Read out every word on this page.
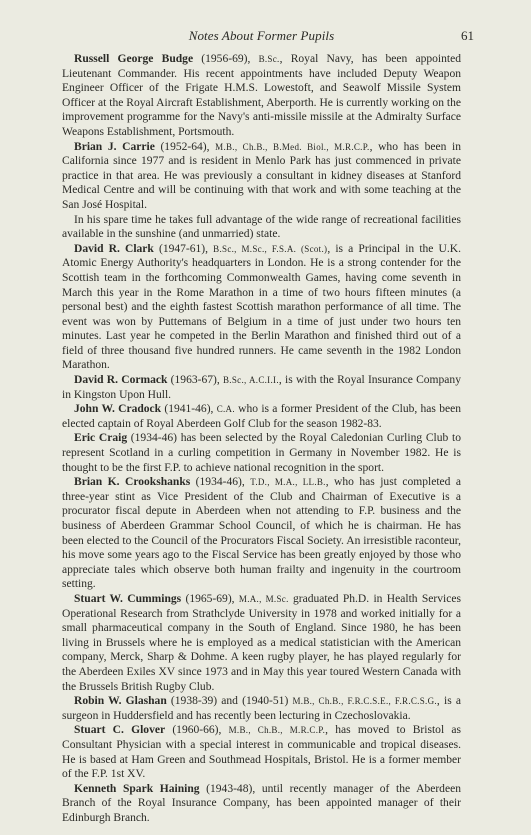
Notes About Former Pupils	61

Russell George Budge (1956-69), B.Sc., Royal Navy, has been appointed Lieutenant Commander. His recent appointments have included Deputy Weapon Engineer Officer of the Frigate H.M.S. Lowestoft, and Seawolf Missile System Officer at the Royal Aircraft Establishment, Aberporth. He is currently working on the improvement programme for the Navy's anti-missile missile at the Admiralty Surface Weapons Establishment, Portsmouth.

Brian J. Carrie (1952-64), M.B., Ch.B., B.Med. Biol., M.R.C.P., who has been in California since 1977 and is resident in Menlo Park has just commenced in private practice in that area. He was previously a consultant in kidney diseases at Stanford Medical Centre and will be continuing with that work and with some teaching at the San José Hospital.

In his spare time he takes full advantage of the wide range of recreational facilities available in the sunshine (and unmarried) state.

David R. Clark (1947-61), B.Sc., M.Sc., F.S.A. (Scot.), is a Principal in the U.K. Atomic Energy Authority's headquarters in London. He is a strong contender for the Scottish team in the forthcoming Commonwealth Games, having come seventh in March this year in the Rome Marathon in a time of two hours fifteen minutes (a personal best) and the eighth fastest Scottish marathon performance of all time. The event was won by Puttemans of Belgium in a time of just under two hours ten minutes. Last year he competed in the Berlin Marathon and finished third out of a field of three thousand five hundred runners. He came seventh in the 1982 London Marathon.

David R. Cormack (1963-67), B.Sc., A.C.I.I., is with the Royal Insurance Company in Kingston Upon Hull.

John W. Cradock (1941-46), C.A. who is a former President of the Club, has been elected captain of Royal Aberdeen Golf Club for the season 1982-83.

Eric Craig (1934-46) has been selected by the Royal Caledonian Curling Club to represent Scotland in a curling competition in Germany in November 1982. He is thought to be the first F.P. to achieve national recognition in the sport.

Brian K. Crookshanks (1934-46), T.D., M.A., LL.B., who has just completed a three-year stint as Vice President of the Club and Chairman of Executive is a procurator fiscal depute in Aberdeen when not attending to F.P. business and the business of Aberdeen Grammar School Council, of which he is chairman. He has been elected to the Council of the Procurators Fiscal Society. An irresistible raconteur, his move some years ago to the Fiscal Service has been greatly enjoyed by those who appreciate tales which observe both human frailty and ingenuity in the courtroom setting.

Stuart W. Cummings (1965-69), M.A., M.Sc. graduated Ph.D. in Health Services Operational Research from Strathclyde University in 1978 and worked initially for a small pharmaceutical company in the South of England. Since 1980, he has been living in Brussels where he is employed as a medical statistician with the American company, Merck, Sharp & Dohme. A keen rugby player, he has played regularly for the Aberdeen Exiles XV since 1973 and in May this year toured Western Canada with the Brussels British Rugby Club.

Robin W. Glashan (1938-39) and (1940-51) M.B., Ch.B., F.R.C.S.E., F.R.C.S.G., is a surgeon in Huddersfield and has recently been lecturing in Czechoslovakia.

Stuart C. Glover (1960-66), M.B., Ch.B., M.R.C.P., has moved to Bristol as Consultant Physician with a special interest in communicable and tropical diseases. He is based at Ham Green and Southmead Hospitals, Bristol. He is a former member of the F.P. 1st XV.

Kenneth Spark Haining (1943-48), until recently manager of the Aberdeen Branch of the Royal Insurance Company, has been appointed manager of their Edinburgh Branch.
